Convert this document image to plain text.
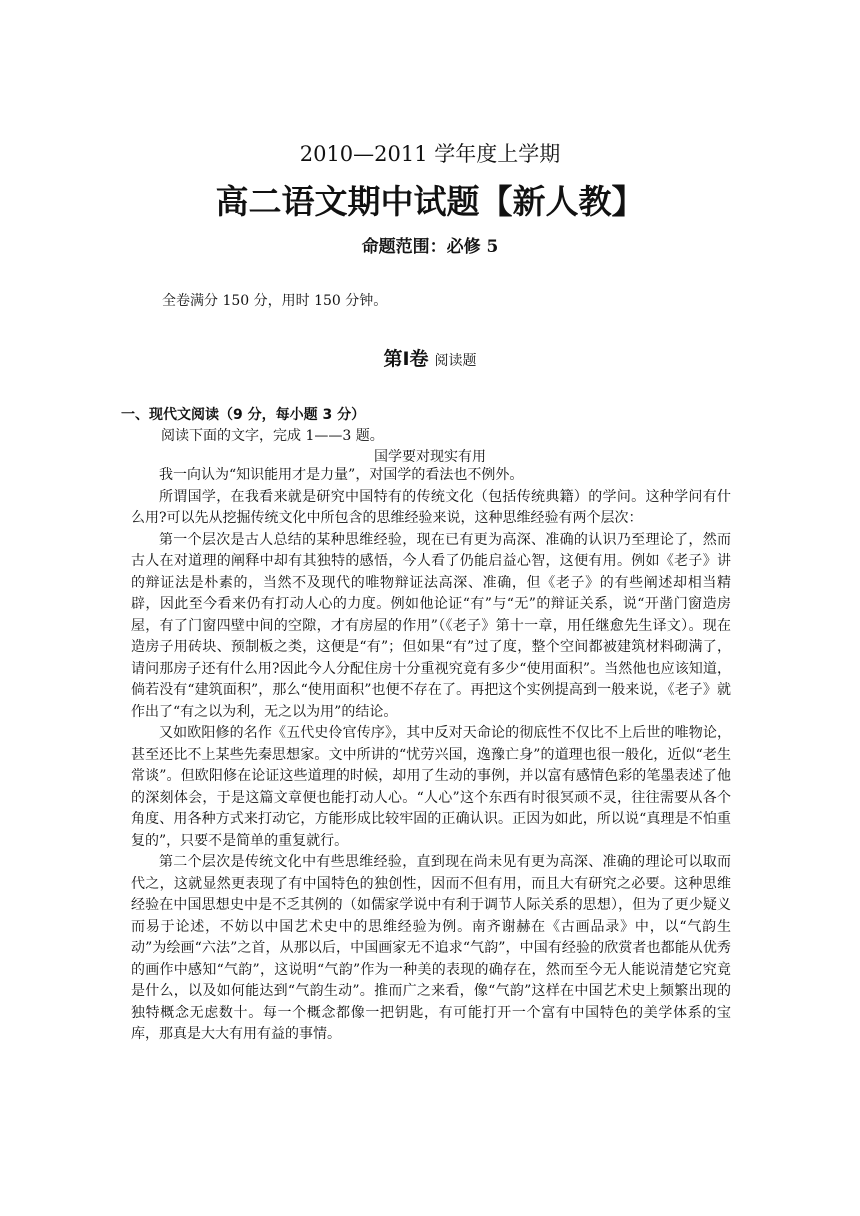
2010—2011 学年度上学期
高二语文期中试题【新人教】
命题范围：必修 5
全卷满分 150 分，用时 150 分钟。
第Ⅰ卷 阅读题
一、现代文阅读（9 分，每小题 3 分）
阅读下面的文字，完成 1——3 题。
国学要对现实有用

我一向认为“知识能用才是力量”，对国学的看法也不例外。

所谓国学，在我看来就是研究中国特有的传统文化（包括传统典籍）的学问。这种学问有什么用?可以先从挖掘传统文化中所包含的思维经验来说，这种思维经验有两个层次：

第一个层次是古人总结的某种思维经验，现在已有更为高深、准确的认识乃至理论了，然而古人在对道理的阐释中却有其独特的感悟，今人看了仍能启益心智，这便有用。例如《老子》讲的辩证法是朴素的，当然不及现代的唯物辩证法高深、准确，但《老子》的有些阐述却相当精辟，因此至今看来仍有打动人心的力度。例如他论证“有”与“无”的辩证关系，说“开凿门窗造房屋，有了门窗四壁中间的空隙，才有房屋的作用”（《老子》第十一章，用任继愈先生译文）。现在造房子用砖块、预制板之类，这便是“有”；但如果“有”过了度，整个空间都被建筑材料砌满了，请问那房子还有什么用?因此今人分配住房十分重视究竟有多少“使用面积”。当然他也应该知道，倘若没有“建筑面积”，那么“使用面积”也便不存在了。再把这个实例提高到一般来说，《老子》就作出了“有之以为利，无之以为用”的结论。

又如欧阳修的名作《五代史伶官传序》，其中反对天命论的彻底性不仅比不上后世的唯物论，甚至还比不上某些先秦思想家。文中所讲的“忧劳兴国，逸豫亡身”的道理也很一般化，近似“老生常谈”。但欧阳修在论证这些道理的时候，却用了生动的事例，并以富有感情色彩的笔墨表述了他的深刻体会，于是这篇文章便也能打动人心。“人心”这个东西有时很冥顽不灵，往往需要从各个角度、用各种方式来打动它，方能形成比较牢固的正确认识。正因为如此，所以说“真理是不怕重复的”，只要不是简单的重复就行。

第二个层次是传统文化中有些思维经验，直到现在尚未见有更为高深、准确的理论可以取而代之，这就显然更表现了有中国特色的独创性，因而不但有用，而且大有研究之必要。这种思维经验在中国思想史中是不乏其例的（如儒家学说中有利于调节人际关系的思想），但为了更少疑义而易于论述，不妨以中国艺术史中的思维经验为例。南齐谢赫在《古画品录》中，以“气韵生动”为绘画“六法”之首，从那以后，中国画家无不追求“气韵”，中国有经验的欣赏者也都能从优秀的画作中感知“气韵”，这说明“气韵”作为一种美的表现的确存在，然而至今无人能说清楚它究竟是什么，以及如何能达到“气韵生动”。推而广之来看，像“气韵”这样在中国艺术史上频繁出现的独特概念无虑数十。每一个概念都像一把钥匙，有可能打开一个富有中国特色的美学体系的宝库，那真是大大有用有益的事情。
